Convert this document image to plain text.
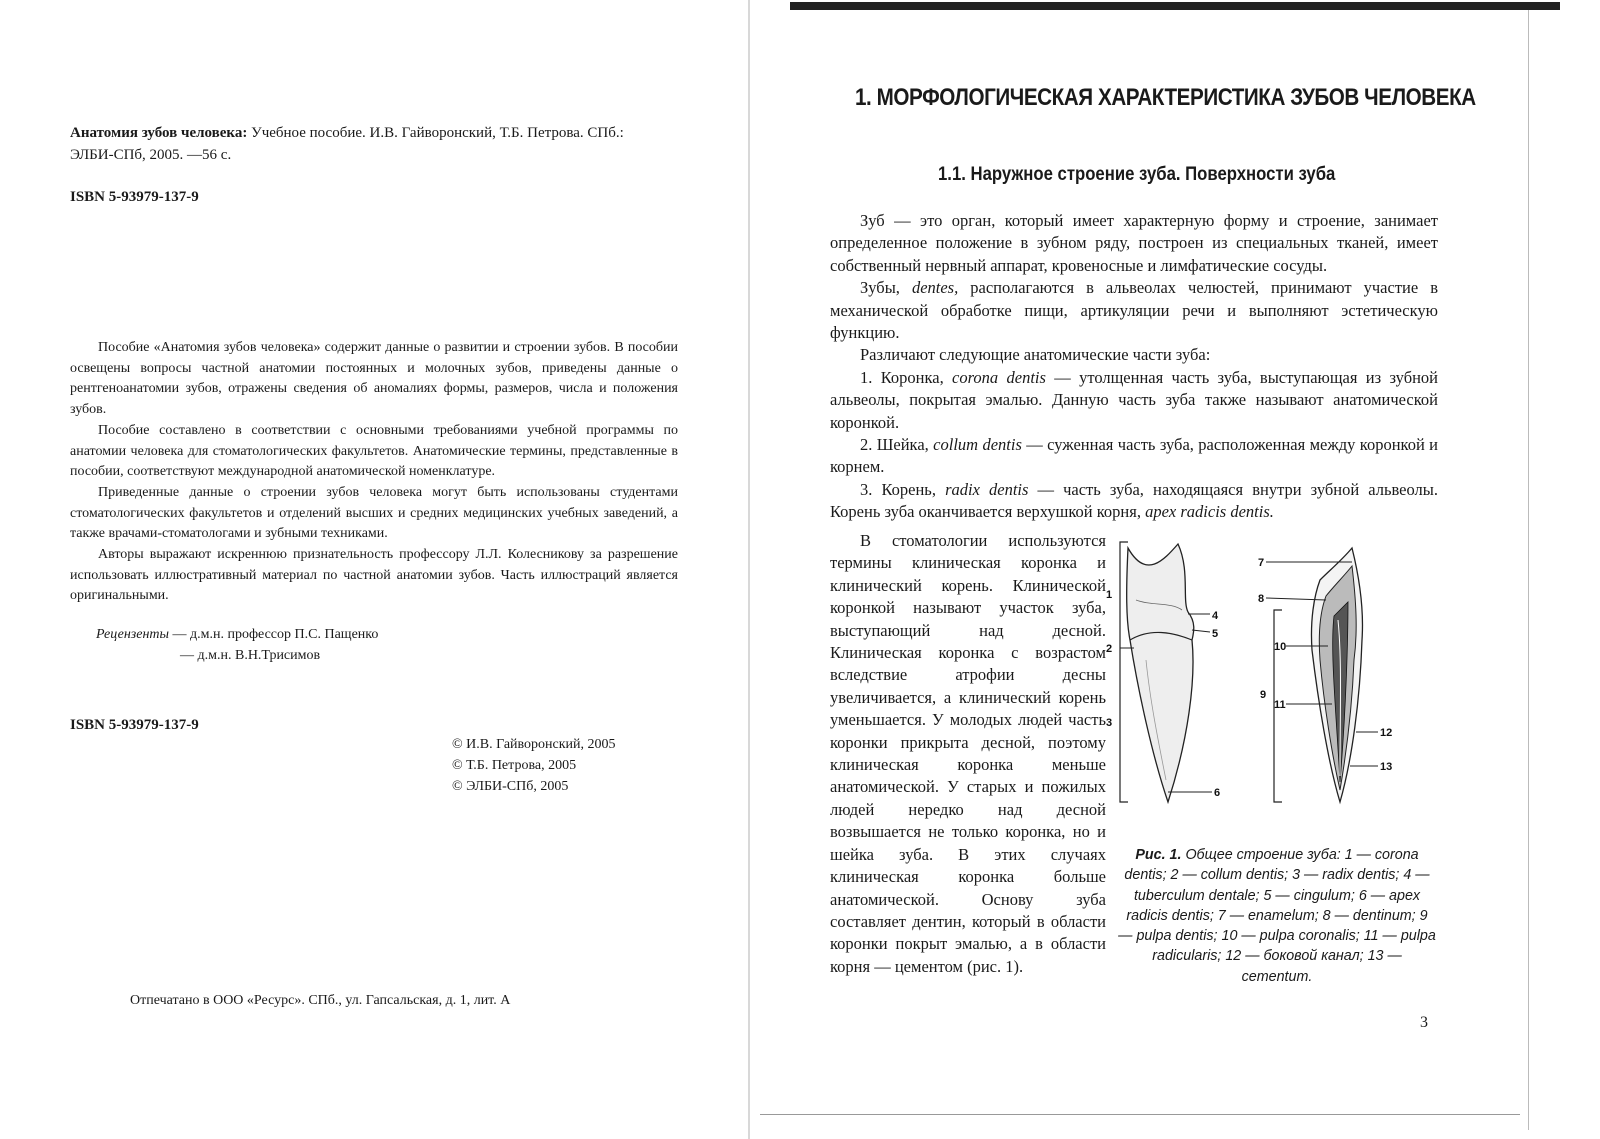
Анатомия зубов человека: Учебное пособие. И.В. Гайворонский, Т.Б. Петрова. СПб.: ЭЛБИ-СПб, 2005. —56 с.
ISBN 5-93979-137-9

Пособие «Анатомия зубов человека» содержит данные о развитии и строении зубов. В пособии освещены вопросы частной анатомии постоянных и молочных зубов, приведены данные о рентгеноанатомии зубов, отражены сведения об аномалиях формы, размеров, числа и положения зубов.

Пособие составлено в соответствии с основными требованиями учебной программы по анатомии человека для стоматологических факультетов. Анатомические термины, представленные в пособии, соответствуют международной анатомической номенклатуре.

Приведенные данные о строении зубов человека могут быть использованы студентами стоматологических факультетов и отделений высших и средних медицинских учебных заведений, а также врачами-стоматологами и зубными техниками.

Авторы выражают искреннюю признательность профессору Л.Л. Колесникову за разрешение использовать иллюстративный материал по частной анатомии зубов. Часть иллюстраций является оригинальными.

Рецензенты — д.м.н. профессор П.С. Пащенко
— д.м.н. В.Н.Трисимов
ISBN 5-93979-137-9
© И.В. Гайворонский, 2005
© Т.Б. Петрова, 2005
© ЭЛБИ-СПб, 2005
Отпечатано в ООО «Ресурс». СПб., ул. Гапсальская, д. 1, лит. А
1. МОРФОЛОГИЧЕСКАЯ ХАРАКТЕРИСТИКА ЗУБОВ ЧЕЛОВЕКА
1.1. Наружное строение зуба. Поверхности зуба

Зуб — это орган, который имеет характерную форму и строение, занимает определенное положение в зубном ряду, построен из специальных тканей, имеет собственный нервный аппарат, кровеносные и лимфатические сосуды.

Зубы, dentes, располагаются в альвеолах челюстей, принимают участие в механической обработке пищи, артикуляции речи и выполняют эстетическую функцию.

Различают следующие анатомические части зуба:

1. Коронка, corona dentis — утолщенная часть зуба, выступающая из зубной альвеолы, покрытая эмалью. Данную часть зуба также называют анатомической коронкой.

2. Шейка, collum dentis — суженная часть зуба, расположенная между коронкой и корнем.

3. Корень, radix dentis — часть зуба, находящаяся внутри зубной альвеолы. Корень зуба оканчивается верхушкой корня, apex radicis dentis.

В стоматологии используются термины клиническая коронка и клинический корень. Клинической коронкой называют участок зуба, выступающий над десной. Клиническая коронка с возрастом вследствие атрофии десны увеличивается, а клинический корень уменьшается. У молодых людей часть коронки прикрыта десной, поэтому клиническая коронка меньше анатомической. У старых и пожилых людей нередко над десной возвышается не только коронка, но и шейка зуба. В этих случаях клиническая коронка больше анатомической. Основу зуба составляет дентин, который в области коронки покрыт эмалью, а в области корня — цементом (рис. 1).

1
2
3
4
5
6
7
8
9
10
11
12
13
Рис. 1. Общее строение зуба: 1 — corona dentis; 2 — collum dentis; 3 — radix dentis; 4 — tuberculum dentale; 5 — cingulum; 6 — apex radicis dentis; 7 — enamelum; 8 — dentinum; 9 — pulpa dentis; 10 — pulpa coronalis; 11 — pulpa radicularis; 12 — боковой канал; 13 — cementum.
3
